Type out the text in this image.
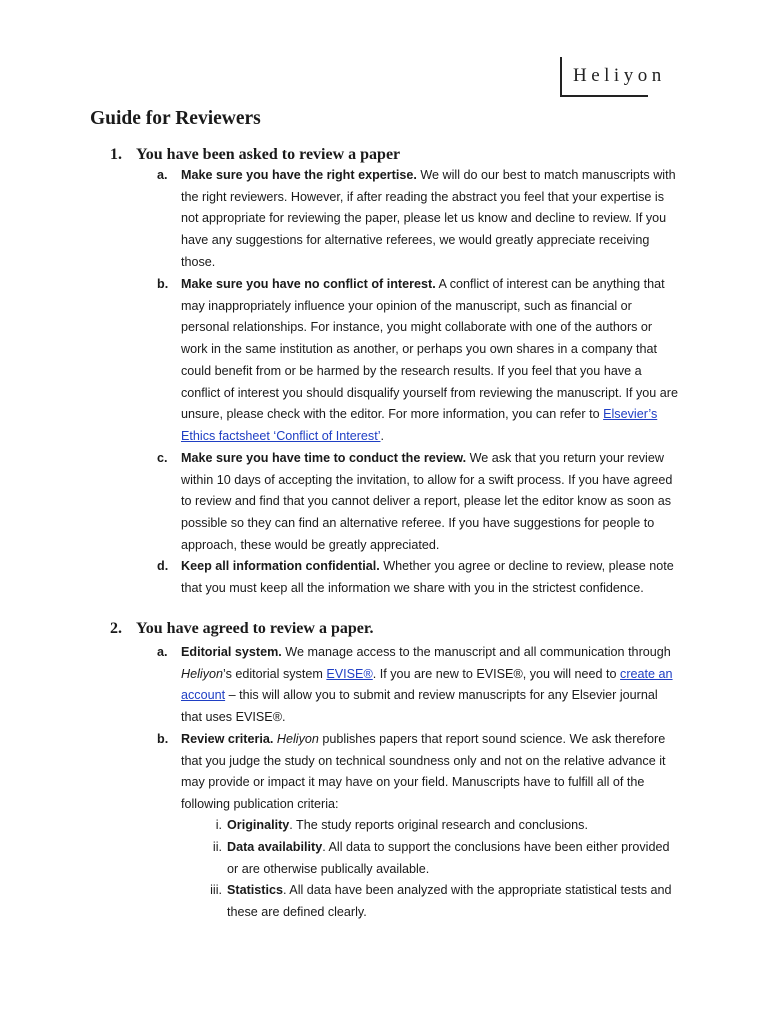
Heliyon
Guide for Reviewers
1. You have been asked to review a paper
a. Make sure you have the right expertise. We will do our best to match manuscripts with the right reviewers. However, if after reading the abstract you feel that your expertise is not appropriate for reviewing the paper, please let us know and decline to review. If you have any suggestions for alternative referees, we would greatly appreciate receiving those.
b. Make sure you have no conflict of interest. A conflict of interest can be anything that may inappropriately influence your opinion of the manuscript, such as financial or personal relationships. For instance, you might collaborate with one of the authors or work in the same institution as another, or perhaps you own shares in a company that could benefit from or be harmed by the research results. If you feel that you have a conflict of interest you should disqualify yourself from reviewing the manuscript. If you are unsure, please check with the editor. For more information, you can refer to Elsevier’s Ethics factsheet ‘Conflict of Interest’.
c. Make sure you have time to conduct the review. We ask that you return your review within 10 days of accepting the invitation, to allow for a swift process. If you have agreed to review and find that you cannot deliver a report, please let the editor know as soon as possible so they can find an alternative referee. If you have suggestions for people to approach, these would be greatly appreciated.
d. Keep all information confidential. Whether you agree or decline to review, please note that you must keep all the information we share with you in the strictest confidence.
2. You have agreed to review a paper.
a. Editorial system. We manage access to the manuscript and all communication through Heliyon’s editorial system EVISE®. If you are new to EVISE®, you will need to create an account – this will allow you to submit and review manuscripts for any Elsevier journal that uses EVISE®.
b. Review criteria. Heliyon publishes papers that report sound science. We ask therefore that you judge the study on technical soundness only and not on the relative advance it may provide or impact it may have on your field. Manuscripts have to fulfill all of the following publication criteria:
i. Originality. The study reports original research and conclusions.
ii. Data availability. All data to support the conclusions have been either provided or are otherwise publically available.
iii. Statistics. All data have been analyzed with the appropriate statistical tests and these are defined clearly.
